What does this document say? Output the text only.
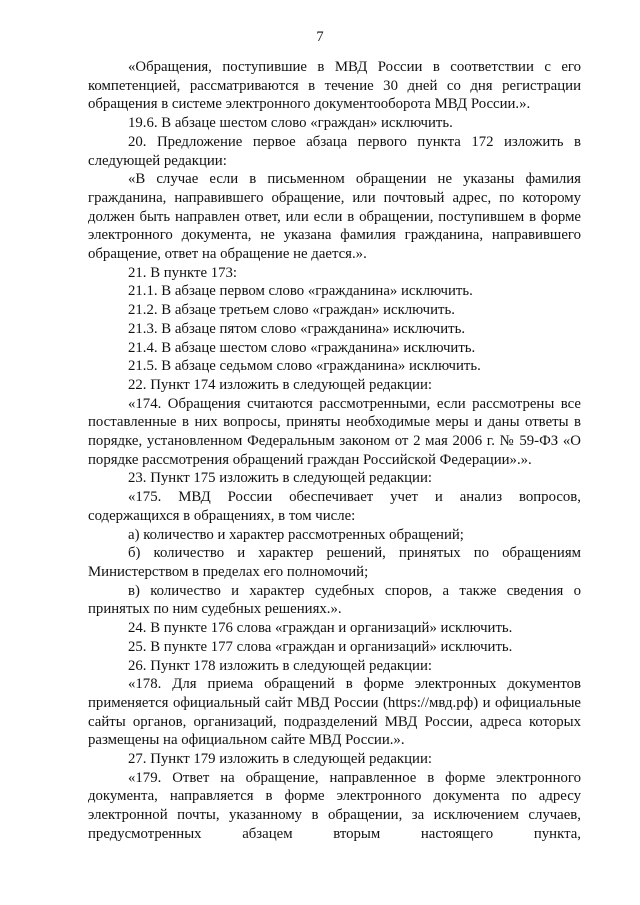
7

«Обращения, поступившие в МВД России в соответствии с его компетенцией, рассматриваются в течение 30 дней со дня регистрации обращения в системе электронного документооборота МВД России.».

19.6. В абзаце шестом слово «граждан» исключить.

20. Предложение первое абзаца первого пункта 172 изложить в следующей редакции:

«В случае если в письменном обращении не указаны фамилия гражданина, направившего обращение, или почтовый адрес, по которому должен быть направлен ответ, или если в обращении, поступившем в форме электронного документа, не указана фамилия гражданина, направившего обращение, ответ на обращение не дается.».

21. В пункте 173:

21.1. В абзаце первом слово «гражданина» исключить.

21.2. В абзаце третьем слово «граждан» исключить.

21.3. В абзаце пятом слово «гражданина» исключить.

21.4. В абзаце шестом слово «гражданина» исключить.

21.5. В абзаце седьмом слово «гражданина» исключить.

22. Пункт 174 изложить в следующей редакции:

«174. Обращения считаются рассмотренными, если рассмотрены все поставленные в них вопросы, приняты необходимые меры и даны ответы в порядке, установленном Федеральным законом от 2 мая 2006 г. № 59-ФЗ «О порядке рассмотрения обращений граждан Российской Федерации».».

23. Пункт 175 изложить в следующей редакции:

«175. МВД России обеспечивает учет и анализ вопросов, содержащихся в обращениях, в том числе:

а) количество и характер рассмотренных обращений;

б) количество и характер решений, принятых по обращениям Министерством в пределах его полномочий;

в) количество и характер судебных споров, а также сведения о принятых по ним судебных решениях.».

24. В пункте 176 слова «граждан и организаций» исключить.

25. В пункте 177 слова «граждан и организаций» исключить.

26. Пункт 178 изложить в следующей редакции:

«178. Для приема обращений в форме электронных документов применяется официальный сайт МВД России (https://мвд.рф) и официальные сайты органов, организаций, подразделений МВД России, адреса которых размещены на официальном сайте МВД России.».

27. Пункт 179 изложить в следующей редакции:

«179. Ответ на обращение, направленное в форме электронного документа, направляется в форме электронного документа по адресу электронной почты, указанному в обращении, за исключением случаев, предусмотренных абзацем вторым настоящего пункта,
